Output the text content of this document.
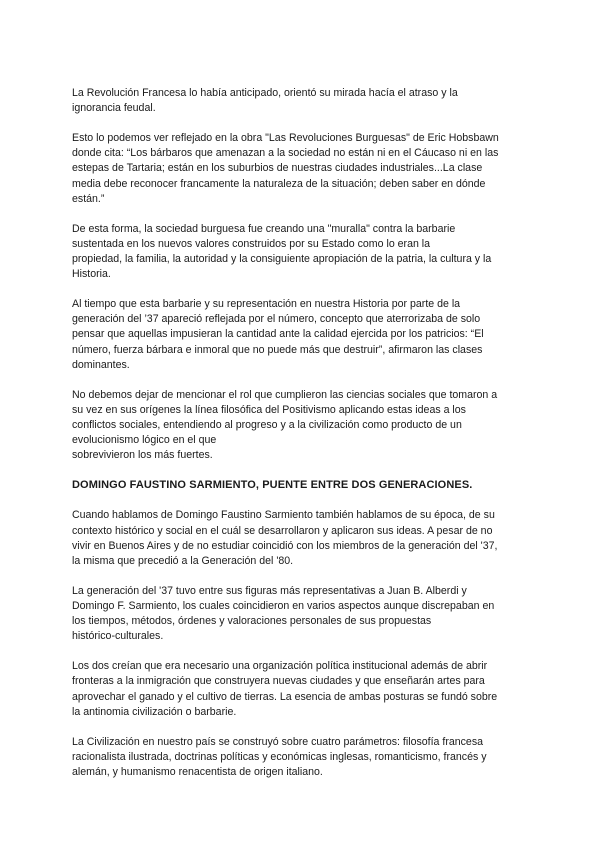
La Revolución Francesa lo había anticipado, orientó su mirada hacía el atraso y la
ignorancia feudal.

Esto lo podemos ver reflejado en la obra "Las Revoluciones Burguesas" de Eric Hobsbawn
donde cita: “Los bárbaros que amenazan a la sociedad no están ni en el Cáucaso ni en las
estepas de Tartaria; están en los suburbios de nuestras ciudades industriales...La clase
media debe reconocer francamente la naturaleza de la situación; deben saber en dónde
están.”

De esta forma, la sociedad burguesa fue creando una "muralla" contra la barbarie
sustentada en los nuevos valores construidos por su Estado como lo eran la
propiedad, la familia, la autoridad y la consiguiente apropiación de la patria, la cultura y la
Historia.

Al tiempo que esta barbarie y su representación en nuestra Historia por parte de la
generación del ’37 apareció reflejada por el número, concepto que aterrorizaba de solo
pensar que aquellas impusieran la cantidad ante la calidad ejercida por los patricios: “El
número, fuerza bárbara e inmoral que no puede más que destruir”, afirmaron las clases
dominantes.

No debemos dejar de mencionar el rol que cumplieron las ciencias sociales que tomaron a
su vez en sus orígenes la línea filosófica del Positivismo aplicando estas ideas a los
conflictos sociales, entendiendo al progreso y a la civilización como producto de un
evolucionismo lógico en el que
sobrevivieron los más fuertes.

DOMINGO FAUSTINO SARMIENTO, PUENTE ENTRE DOS GENERACIONES.

Cuando hablamos de Domingo Faustino Sarmiento también hablamos de su época, de su
contexto histórico y social en el cuál se desarrollaron y aplicaron sus ideas. A pesar de no
vivir en Buenos Aires y de no estudiar coincidió con los miembros de la generación del '37,
la misma que precedió a la Generación del '80.

La generación del '37 tuvo entre sus figuras más representativas a Juan B. Alberdi y
Domingo F. Sarmiento, los cuales coincidieron en varios aspectos aunque discrepaban en
los tiempos, métodos, órdenes y valoraciones personales de sus propuestas
histórico-culturales.

Los dos creían que era necesario una organización política institucional además de abrir
fronteras a la inmigración que construyera nuevas ciudades y que enseñarán artes para
aprovechar el ganado y el cultivo de tierras. La esencia de ambas posturas se fundó sobre
la antinomia civilización o barbarie.

La Civilización en nuestro país se construyó sobre cuatro parámetros: filosofía francesa
racionalista ilustrada, doctrinas políticas y económicas inglesas, romanticismo, francés y
alemán, y humanismo renacentista de origen italiano.
